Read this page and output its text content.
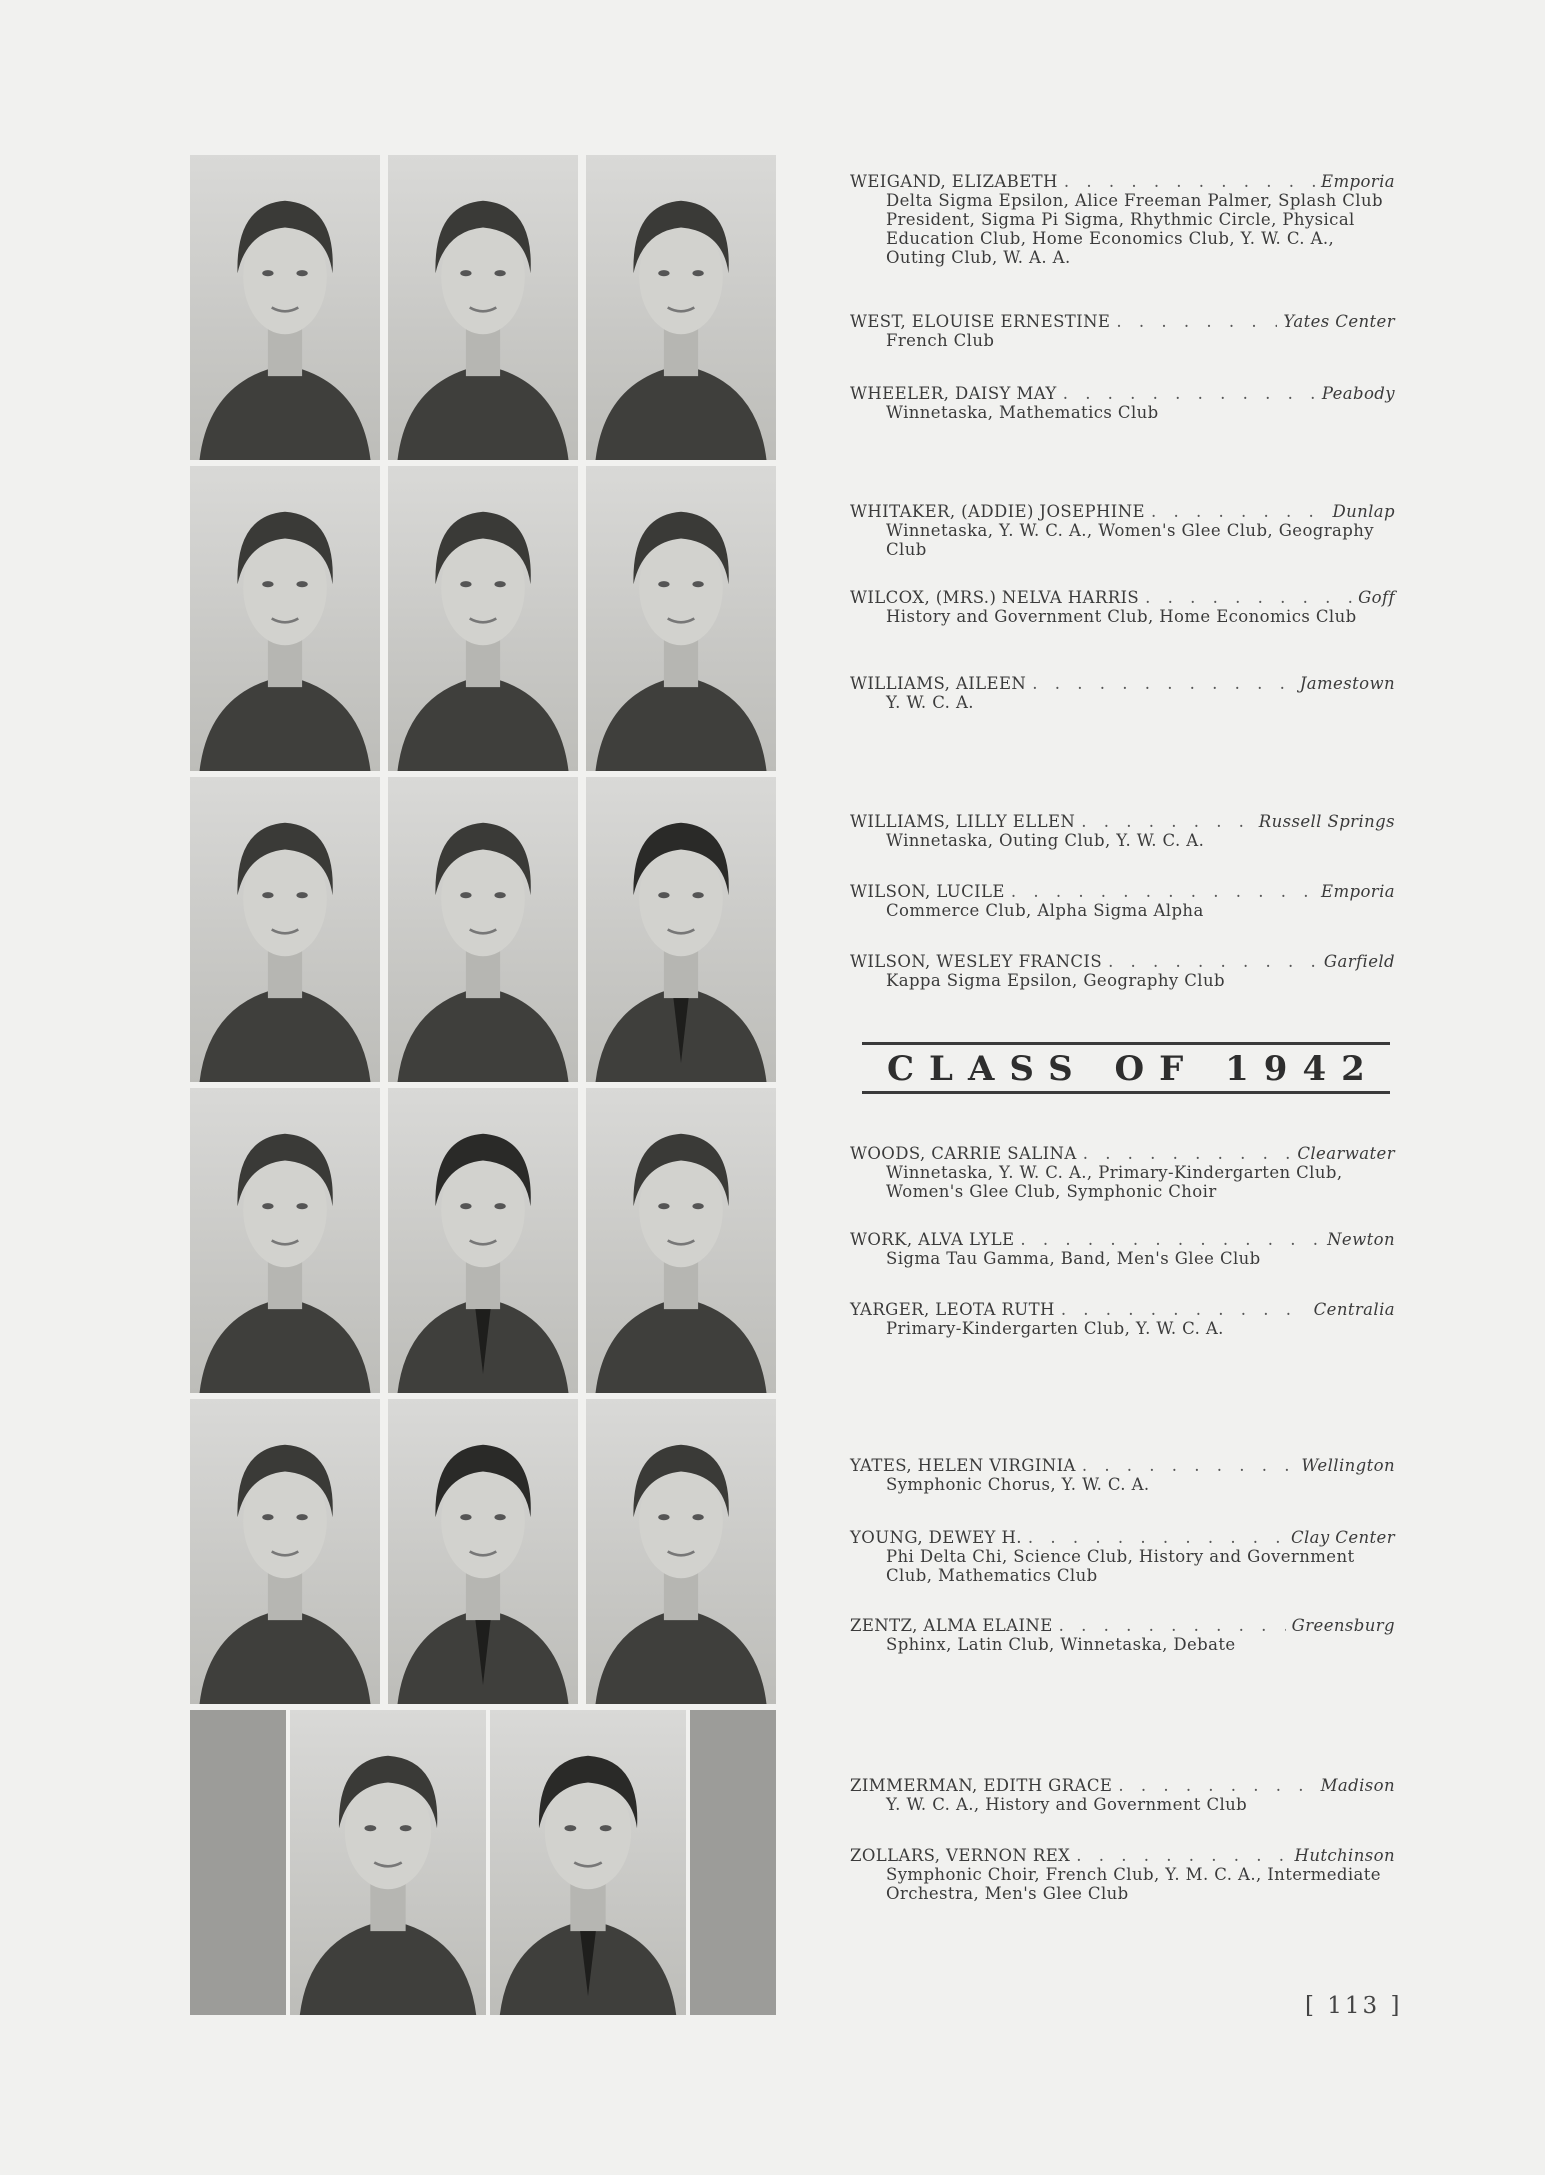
WEIGAND, ELIZABETH . . .	Emporia
Delta Sigma Epsilon, Alice Freeman Palmer, Splash Club President, Sigma Pi Sigma, Rhythmic Circle, Physical Education Club, Home Economics Club, Y. W. C. A., Outing Club, W. A. A.
WEST, ELOUISE ERNESTINE . . .	Yates Center
French Club
WHEELER, DAISY MAY . . .	Peabody
Winnetaska, Mathematics Club
WHITAKER, (ADDIE) JOSEPHINE . . .	Dunlap
Winnetaska, Y. W. C. A., Women's Glee Club, Geography Club
WILCOX, (MRS.) NELVA HARRIS . . .	Goff
History and Government Club, Home Economics Club
WILLIAMS, AILEEN . . .	Jamestown
Y. W. C. A.
WILLIAMS, LILLY ELLEN . . .	Russell Springs
Winnetaska, Outing Club, Y. W. C. A.
WILSON, LUCILE . . .	Emporia
Commerce Club, Alpha Sigma Alpha
WILSON, WESLEY FRANCIS . . .	Garfield
Kappa Sigma Epsilon, Geography Club
WOODS, CARRIE SALINA . . .	Clearwater
Winnetaska, Y. W. C. A., Primary-Kindergarten Club, Women's Glee Club, Symphonic Choir
WORK, ALVA LYLE . . .	Newton
Sigma Tau Gamma, Band, Men's Glee Club
YARGER, LEOTA RUTH . . .	Centralia
Primary-Kindergarten Club, Y. W. C. A.
YATES, HELEN VIRGINIA . . .	Wellington
Symphonic Chorus, Y. W. C. A.
YOUNG, DEWEY H. . . .	Clay Center
Phi Delta Chi, Science Club, History and Government Club, Mathematics Club
ZENTZ, ALMA ELAINE . . .	Greensburg
Sphinx, Latin Club, Winnetaska, Debate
ZIMMERMAN, EDITH GRACE . . .	Madison
Y. W. C. A., History and Government Club
ZOLLARS, VERNON REX . . .	Hutchinson
Symphonic Choir, French Club, Y. M. C. A., Intermediate Orchestra, Men's Glee Club
CLASS OF 1942
[ 113 ]
